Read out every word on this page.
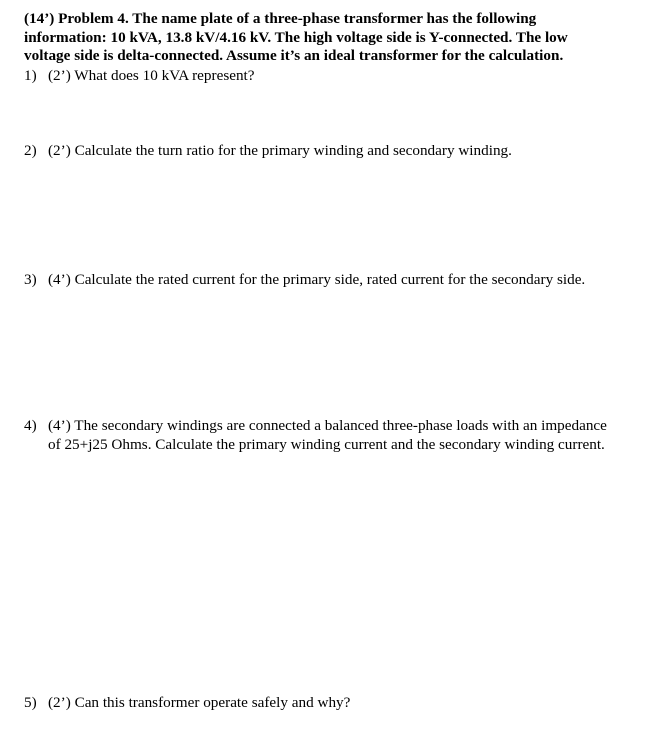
(14’) Problem 4. The name plate of a three-phase transformer has the following
information: 10 kVA, 13.8 kV/4.16 kV. The high voltage side is Y-connected. The low
voltage side is delta-connected. Assume it’s an ideal transformer for the calculation.
1) (2’) What does 10 kVA represent?
2) (2’) Calculate the turn ratio for the primary winding and secondary winding.
3) (4’) Calculate the rated current for the primary side, rated current for the secondary side.
4) (4’) The secondary windings are connected a balanced three-phase loads with an impedance
of 25+j25 Ohms. Calculate the primary winding current and the secondary winding current.
5) (2’) Can this transformer operate safely and why?
